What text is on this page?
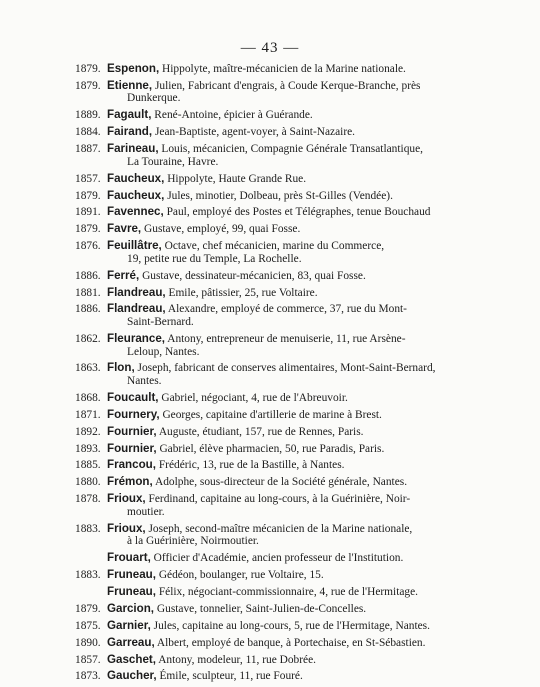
— 43 —
1879. Espenon, Hippolyte, maître-mécanicien de la Marine nationale.
1879. Etienne, Julien, Fabricant d'engrais, à Coude Kerque-Branche, près
Dunkerque.
1889. Fagault, René-Antoine, épicier à Guérande.
1884. Fairand, Jean-Baptiste, agent-voyer, à Saint-Nazaire.
1887. Farineau, Louis, mécanicien, Compagnie Générale Transatlantique,
La Touraine, Havre.
1857. Faucheux, Hippolyte, Haute Grande Rue.
1879. Faucheux, Jules, minotier, Dolbeau, près St-Gilles (Vendée).
1891. Favennec, Paul, employé des Postes et Télégraphes, tenue Bouchaud
1879. Favre, Gustave, employé, 99, quai Fosse.
1876. Feuillâtre, Octave, chef mécanicien, marine du Commerce,
19, petite rue du Temple, La Rochelle.
1886. Ferré, Gustave, dessinateur-mécanicien, 83, quai Fosse.
1881. Flandreau, Emile, pâtissier, 25, rue Voltaire.
1886. Flandreau, Alexandre, employé de commerce, 37, rue du Mont-
Saint-Bernard.
1862. Fleurance, Antony, entrepreneur de menuiserie, 11, rue Arsène-
Leloup, Nantes.
1863. Flon, Joseph, fabricant de conserves alimentaires, Mont-Saint-Bernard,
Nantes.
1868. Foucault, Gabriel, négociant, 4, rue de l'Abreuvoir.
1871. Fournery, Georges, capitaine d'artillerie de marine à Brest.
1892. Fournier, Auguste, étudiant, 157, rue de Rennes, Paris.
1893. Fournier, Gabriel, élève pharmacien, 50, rue Paradis, Paris.
1885. Francou, Frédéric, 13, rue de la Bastille, à Nantes.
1880. Frémon, Adolphe, sous-directeur de la Société générale, Nantes.
1878. Frioux, Ferdinand, capitaine au long-cours, à la Guérinière, Noir-
moutier.
1883. Frioux, Joseph, second-maître mécanicien de la Marine nationale,
à la Guérinière, Noirmoutier.
Frouart, Officier d'Académie, ancien professeur de l'Institution.
1883. Fruneau, Gédéon, boulanger, rue Voltaire, 15.
Fruneau, Félix, négociant-commissionnaire, 4, rue de l'Hermitage.
1879. Garcion, Gustave, tonnelier, Saint-Julien-de-Concelles.
1875. Garnier, Jules, capitaine au long-cours, 5, rue de l'Hermitage, Nantes.
1890. Garreau, Albert, employé de banque, à Portechaise, en St-Sébastien.
1857. Gaschet, Antony, modeleur, 11, rue Dobrée.
1873. Gaucher, Émile, sculpteur, 11, rue Fouré.
